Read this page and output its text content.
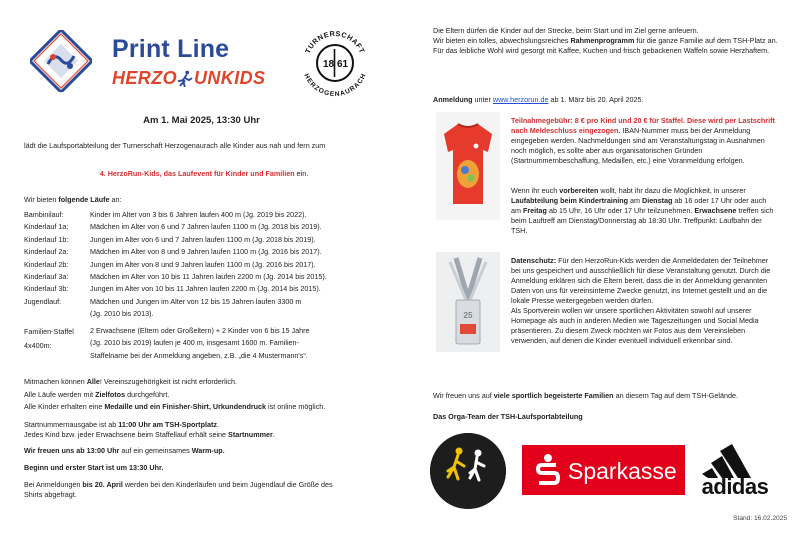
Print Line
HERZO UNKIDS
TURNERSCHAFT
HERZOGENAURACH
18 61
Am 1. Mai 2025, 13:30 Uhr
lädt die Laufsportabteilung der Turnerschaft Herzogenaurach alle Kinder aus nah und fern zum
4. HerzoRun-Kids, das Laufevent für Kinder und Familien ein.
Wir bieten folgende Läufe an:
Bambinilauf:	Kinder im Alter von 3 bis 6 Jahren laufen 400 m (Jg. 2019 bis 2022).
Kinderlauf 1a:	Mädchen im Alter von 6 und 7 Jahren laufen 1100 m (Jg. 2018 bis 2019).
Kinderlauf 1b:	Jungen im Alter von 6 und 7 Jahren laufen 1100 m (Jg. 2018 bis 2019).
Kinderlauf 2a:	Mädchen im Alter von 8 und 9 Jahren laufen 1100 m (Jg. 2016 bis 2017).
Kinderlauf 2b:	Jungen im Alter von 8 und 9 Jahren laufen 1100 m (Jg. 2016 bis 2017).
Kinderlauf 3a:	Mädchen im Alter von 10 bis 11 Jahren laufen 2200 m (Jg. 2014 bis 2015).
Kinderlauf 3b:	Jungen im Alter von 10 bis 11 Jahren laufen 2200 m (Jg. 2014 bis 2015).
Jugendlauf:	Mädchen und Jungen im Alter von 12 bis 15 Jahren laufen 3300 m
(Jg. 2010 bis 2013).
Familien-Staffel
4x400m:
2 Erwachsene (Eltern oder Großeltern) + 2 Kinder von 6 bis 15 Jahre
(Jg. 2010 bis 2019) laufen je 400 m, insgesamt 1600 m. Familien-
Staffelname bei der Anmeldung angeben, z.B. „die 4 Mustermann's“.
Mitmachen können Alle! Vereinszugehörigkeit ist nicht erforderlich.
Alle Läufe werden mit Zielfotos durchgeführt.
Alle Kinder erhalten eine Medaille und ein Finisher-Shirt, Urkundendruck ist online möglich.
Startnummernausgabe ist ab 11:00 Uhr am TSH-Sportplatz.
Jedes Kind bzw. jeder Erwachsene beim Staffellauf erhält seine Startnummer.
Wir freuen uns ab 13:00 Uhr auf ein gemeinsames Warm-up.
Beginn und erster Start ist um 13:30 Uhr.
Bei Anmeldungen bis 20. April werden bei den Kinderläufen und beim Jugendlauf die Größe des
Shirts abgefragt.
Die Eltern dürfen die Kinder auf der Strecke, beim Start und im Ziel gerne anfeuern.
Wir bieten ein tolles, abwechslungsreiches Rahmenprogramm für die ganze Familie auf dem TSH-Platz an.
Für das leibliche Wohl wird gesorgt mit Kaffee, Kuchen und frisch gebackenen Waffeln sowie Herzhaftem.
Anmeldung unter www.herzorun.de ab 1. März bis 20. April 2025.
Teilnahmegebühr: 8 € pro Kind und 20 € für Staffel. Diese wird per Lastschrift nach Meldeschluss eingezogen. IBAN-Nummer muss bei der Anmeldung eingegeben werden. Nachmeldungen sind am Veranstaltungstag in Ausnahmen noch möglich, es sollte aber aus organisatorischen Gründen (Startnummernbeschaffung, Medaillen, etc.) eine Voranmeldung erfolgen.
Wenn ihr euch vorbereiten wollt, habt ihr dazu die Möglichkeit, in unserer Laufabteilung beim Kindertraining am Dienstag ab 16 oder 17 Uhr oder auch am Freitag ab 15 Uhr, 16 Uhr oder 17 Uhr teilzunehmen. Erwachsene treffen sich beim Lauftreff am Dienstag/Donnerstag ab 18:30 Uhr. Treffpunkt: Laufbahn der TSH.
25
Datenschutz: Für den HerzoRun-Kids werden die Anmeldedaten der Teilnehmer bei uns gespeichert und ausschließlich für diese Veranstaltung genutzt. Durch die Anmeldung erklären sich die Eltern bereit, dass die in der Anmeldung genannten Daten von uns für vereinsinterne Zwecke genutzt, ins Internet gestellt und an die lokale Presse weitergegeben werden dürfen.
Als Sportverein wollen wir unsere sportlichen Aktivitäten sowohl auf unserer Homepage als auch in anderen Medien wie Tageszeitungen und Social Media präsentieren. Zu diesem Zweck möchten wir Fotos aus dem Vereinsleben verwenden, auf denen die Kinder eventuell individuell erkennbar sind.
Wir freuen uns auf viele sportlich begeisterte Familien an diesem Tag auf dem TSH-Gelände.
Das Orga-Team der TSH-Laufsportabteilung
2025
Sparkasse
adidas
Stand: 16.02.2025
